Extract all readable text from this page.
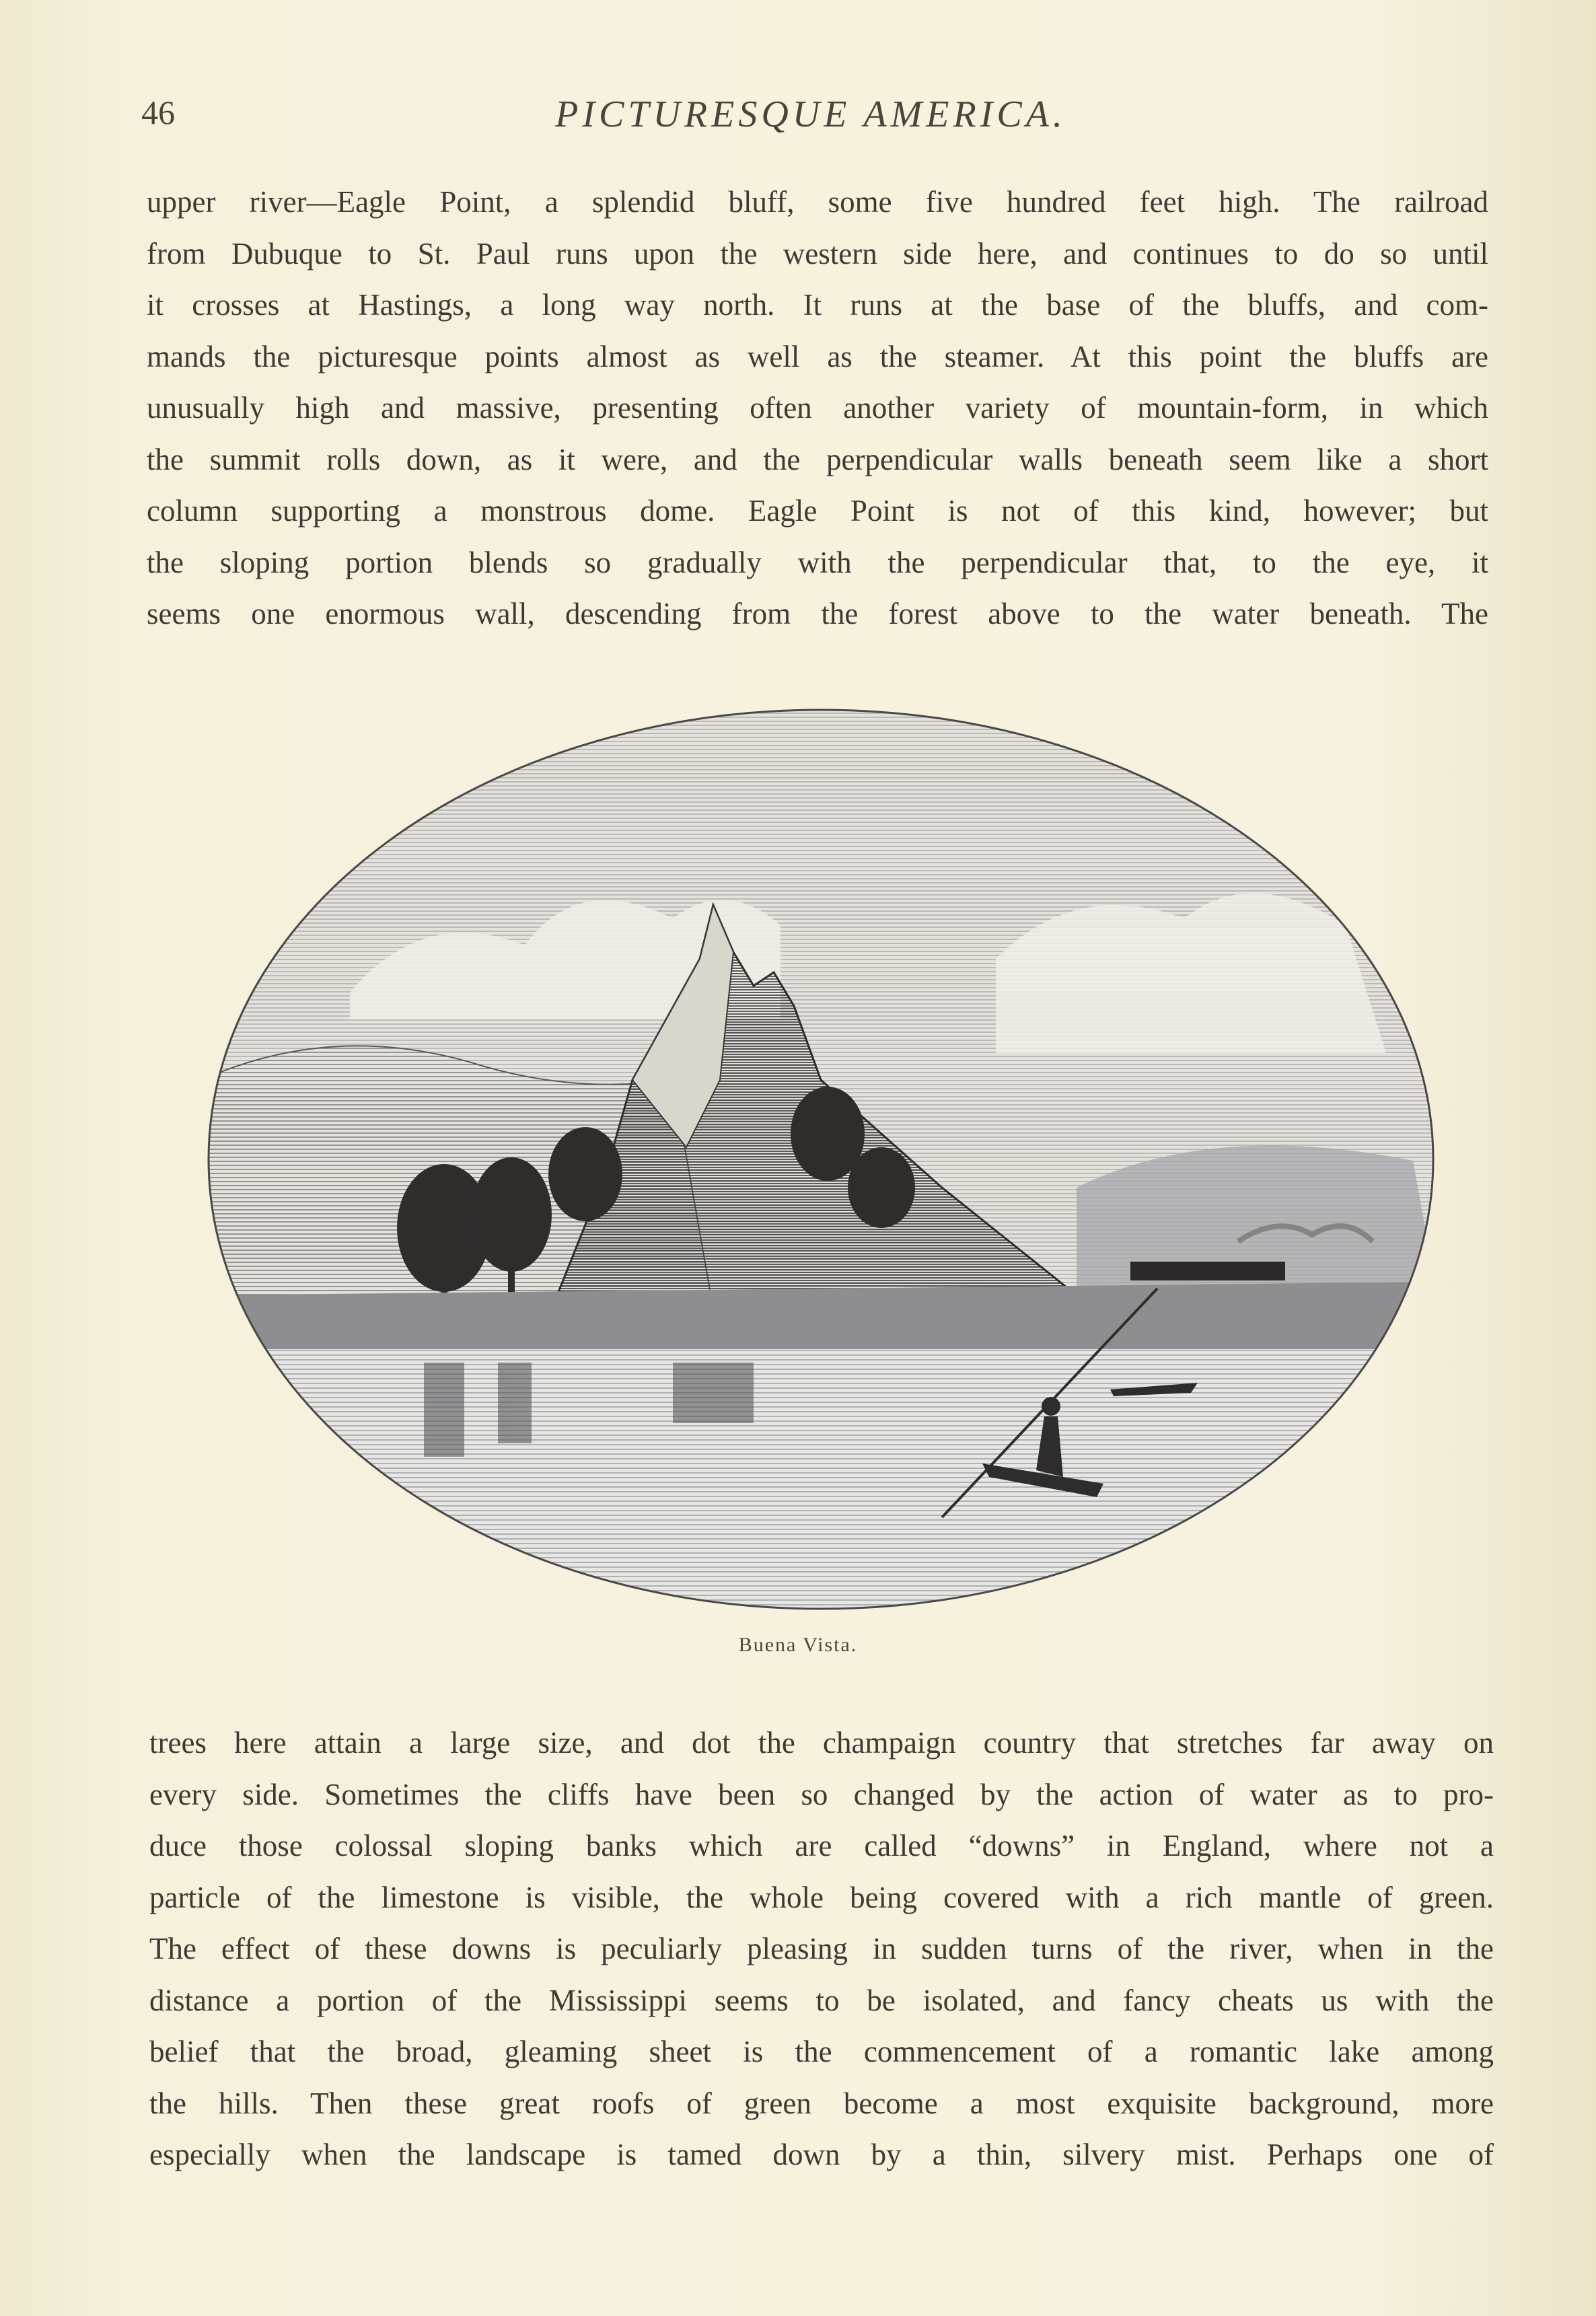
46	PICTURESQUE AMERICA.
upper river—Eagle Point, a splendid bluff, some five hundred feet high. The railroad
from Dubuque to St. Paul runs upon the western side here, and continues to do so until
it crosses at Hastings, a long way north. It runs at the base of the bluffs, and com-
mands the picturesque points almost as well as the steamer. At this point the bluffs are
unusually high and massive, presenting often another variety of mountain-form, in which
the summit rolls down, as it were, and the perpendicular walls beneath seem like a short
column supporting a monstrous dome. Eagle Point is not of this kind, however; but
the sloping portion blends so gradually with the perpendicular that, to the eye, it
seems one enormous wall, descending from the forest above to the water beneath. The
Buena Vista.
trees here attain a large size, and dot the champaign country that stretches far away on
every side. Sometimes the cliffs have been so changed by the action of water as to pro-
duce those colossal sloping banks which are called “downs” in England, where not a
particle of the limestone is visible, the whole being covered with a rich mantle of green.
The effect of these downs is peculiarly pleasing in sudden turns of the river, when in the
distance a portion of the Mississippi seems to be isolated, and fancy cheats us with the
belief that the broad, gleaming sheet is the commencement of a romantic lake among
the hills. Then these great roofs of green become a most exquisite background, more
especially when the landscape is tamed down by a thin, silvery mist. Perhaps one of
